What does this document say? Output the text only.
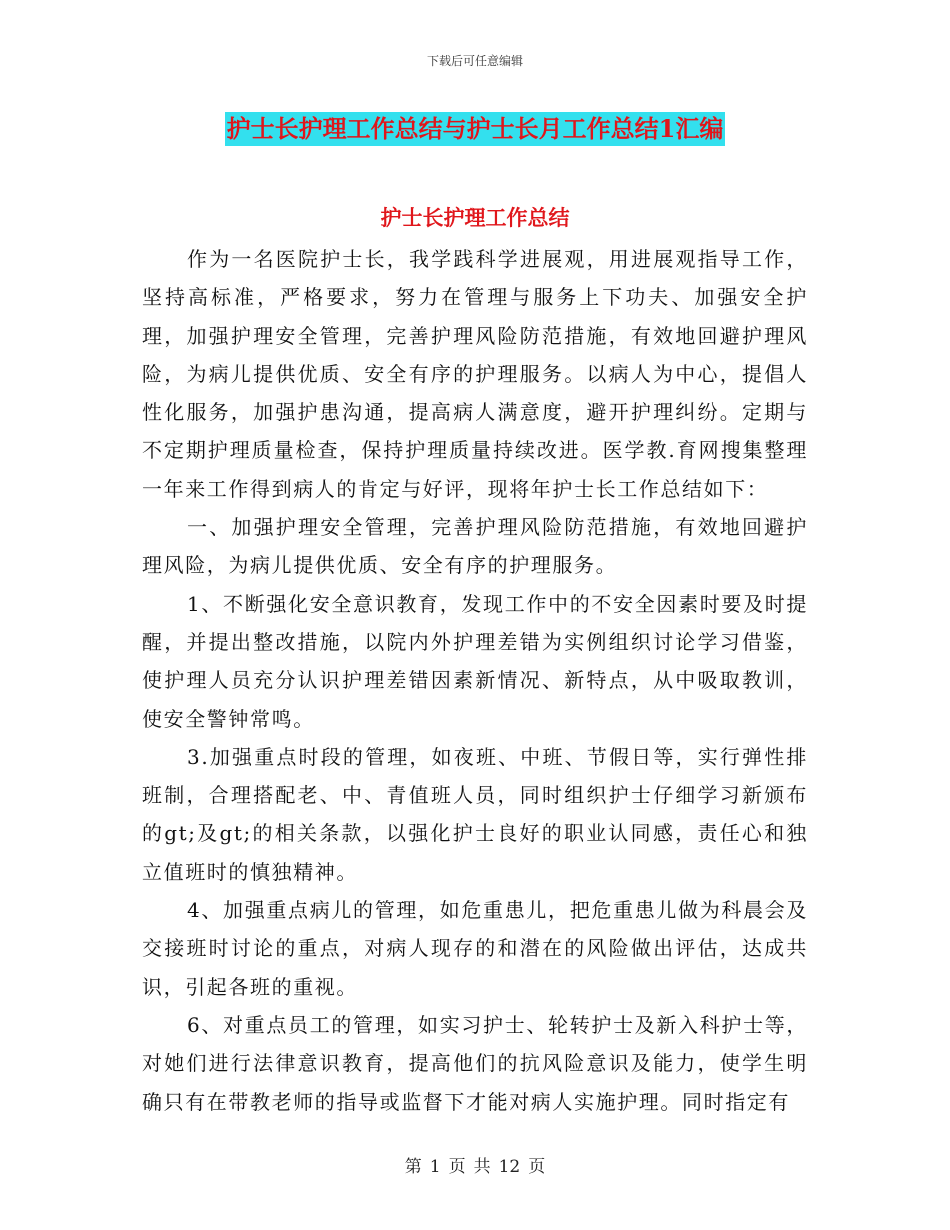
下载后可任意编辑
护士长护理工作总结与护士长月工作总结1汇编
护士长护理工作总结

作为一名医院护士长，我学践科学进展观，用进展观指导工作，坚持高标准，严格要求，努力在管理与服务上下功夫、加强安全护理，加强护理安全管理，完善护理风险防范措施，有效地回避护理风险，为病儿提供优质、安全有序的护理服务。以病人为中心，提倡人性化服务，加强护患沟通，提高病人满意度，避开护理纠纷。定期与不定期护理质量检查，保持护理质量持续改进。医学教.育网搜集整理一年来工作得到病人的肯定与好评，现将年护士长工作总结如下：

一、加强护理安全管理，完善护理风险防范措施，有效地回避护理风险，为病儿提供优质、安全有序的护理服务。

1、不断强化安全意识教育，发现工作中的不安全因素时要及时提醒，并提出整改措施，以院内外护理差错为实例组织讨论学习借鉴，使护理人员充分认识护理差错因素新情况、新特点，从中吸取教训，使安全警钟常鸣。

3.加强重点时段的管理，如夜班、中班、节假日等，实行弹性排班制，合理搭配老、中、青值班人员，同时组织护士仔细学习新颁布的gt;及gt;的相关条款，以强化护士良好的职业认同感，责任心和独立值班时的慎独精神。

4、加强重点病儿的管理，如危重患儿，把危重患儿做为科晨会及交接班时讨论的重点，对病人现存的和潜在的风险做出评估，达成共识，引起各班的重视。

6、对重点员工的管理，如实习护士、轮转护士及新入科护士等，对她们进行法律意识教育，提高他们的抗风险意识及能力，使学生明确只有在带教老师的指导或监督下才能对病人实施护理。同时指定有

第 1 页 共 12 页
